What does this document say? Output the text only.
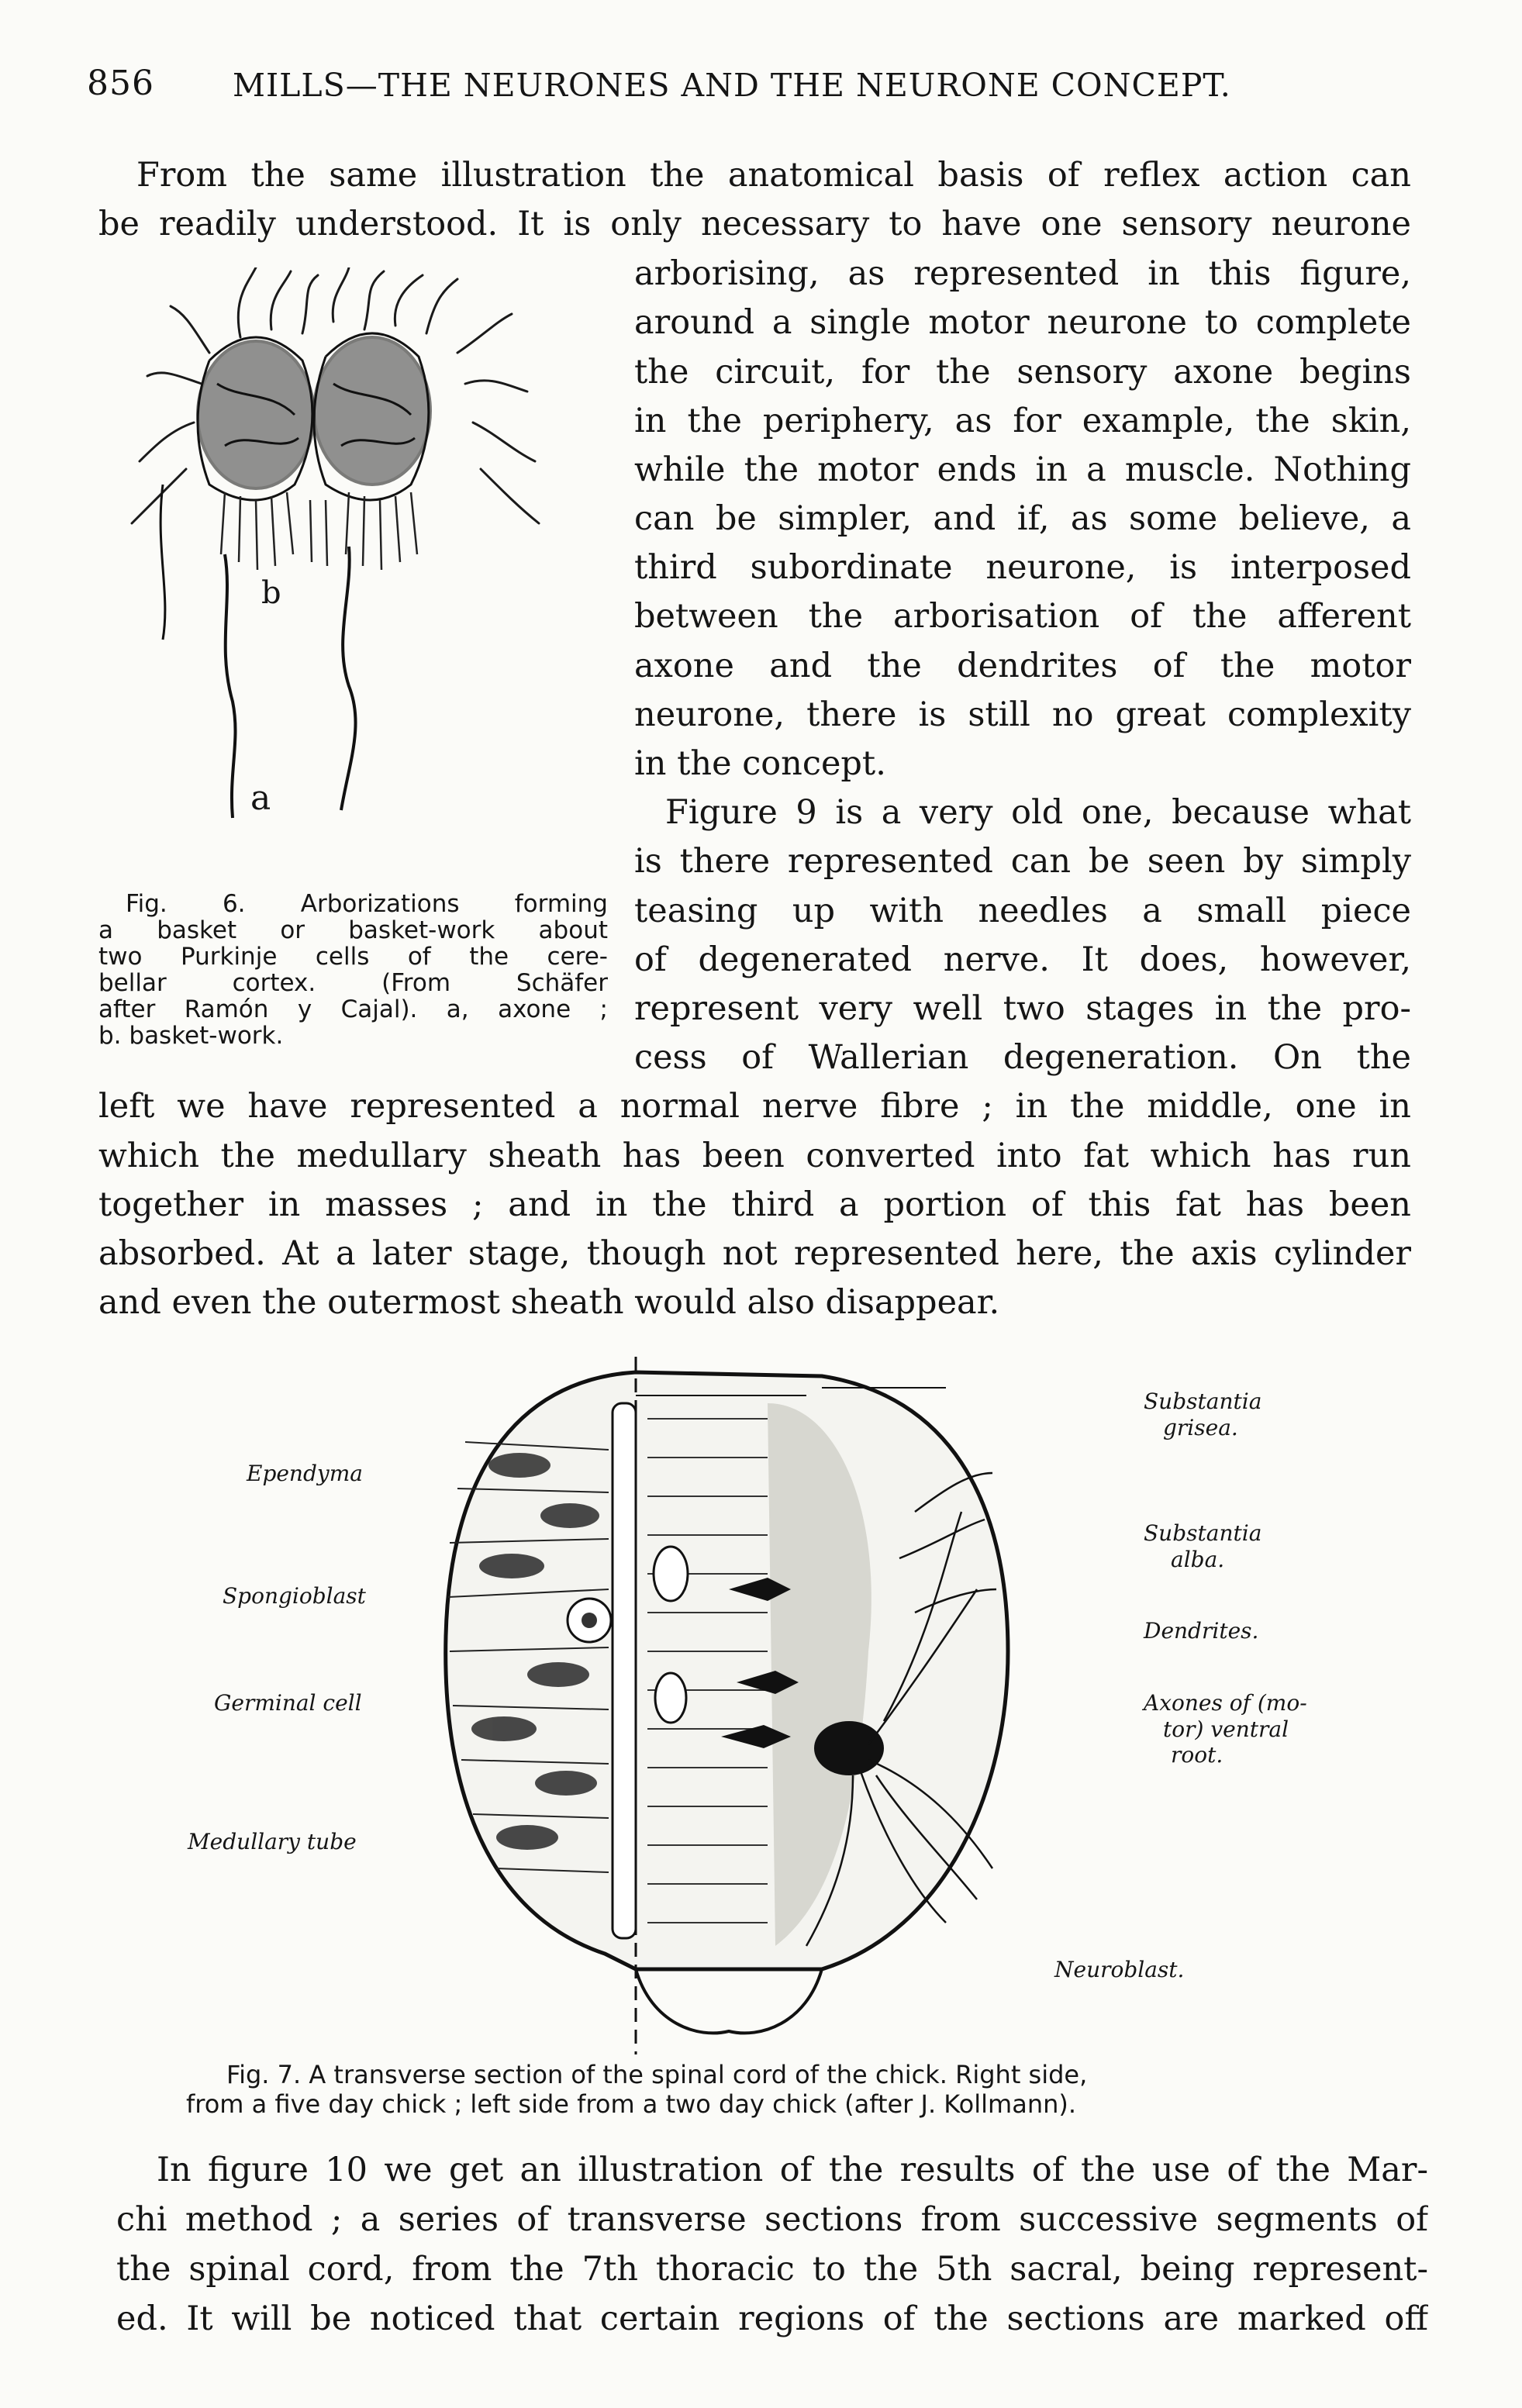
856 MILLS—THE NEURONES AND THE NEURONE CONCEPT.
From the same illustration the anatomical basis of reflex action can
be readily understood. It is only necessary to have one sensory neurone
arborising, as represented in this figure,
around a single motor neurone to complete
the circuit, for the sensory axone begins
in the periphery, as for example, the skin,
while the motor ends in a muscle. Nothing
can be simpler, and if, as some believe, a
third subordinate neurone, is interposed
between the arborisation of the afferent
axone and the dendrites of the motor
neurone, there is still no great complexity
in the concept.
Figure 9 is a very old one, because what
is there represented can be seen by simply
teasing up with needles a small piece
of degenerated nerve. It does, however,
represent very well two stages in the pro-
cess of Wallerian degeneration. On the
left we have represented a normal nerve fibre ; in the middle, one in
which the medullary sheath has been converted into fat which has run
together in masses ; and in the third a portion of this fat has been
absorbed. At a later stage, though not represented here, the axis cylinder
and even the outermost sheath would also disappear.
b
a
Fig. 6. Arborizations forming
a basket or basket-work about
two Purkinje cells of the cere-
bellar cortex. (From Schäfer
after Ramón y Cajal). a, axone ;
b. basket-work.
Ependyma
Spongioblast
Germinal cell
Medullary tube
Substantia
grisea.
Substantia
alba.
Dendrites.
Axones of (mo-
tor) ventral
root.
Neuroblast.
Fig. 7. A transverse section of the spinal cord of the chick. Right side,
from a five day chick ; left side from a two day chick (after J. Kollmann).
In figure 10 we get an illustration of the results of the use of the Mar-
chi method ; a series of transverse sections from successive segments of
the spinal cord, from the 7th thoracic to the 5th sacral, being represent-
ed. It will be noticed that certain regions of the sections are marked off
